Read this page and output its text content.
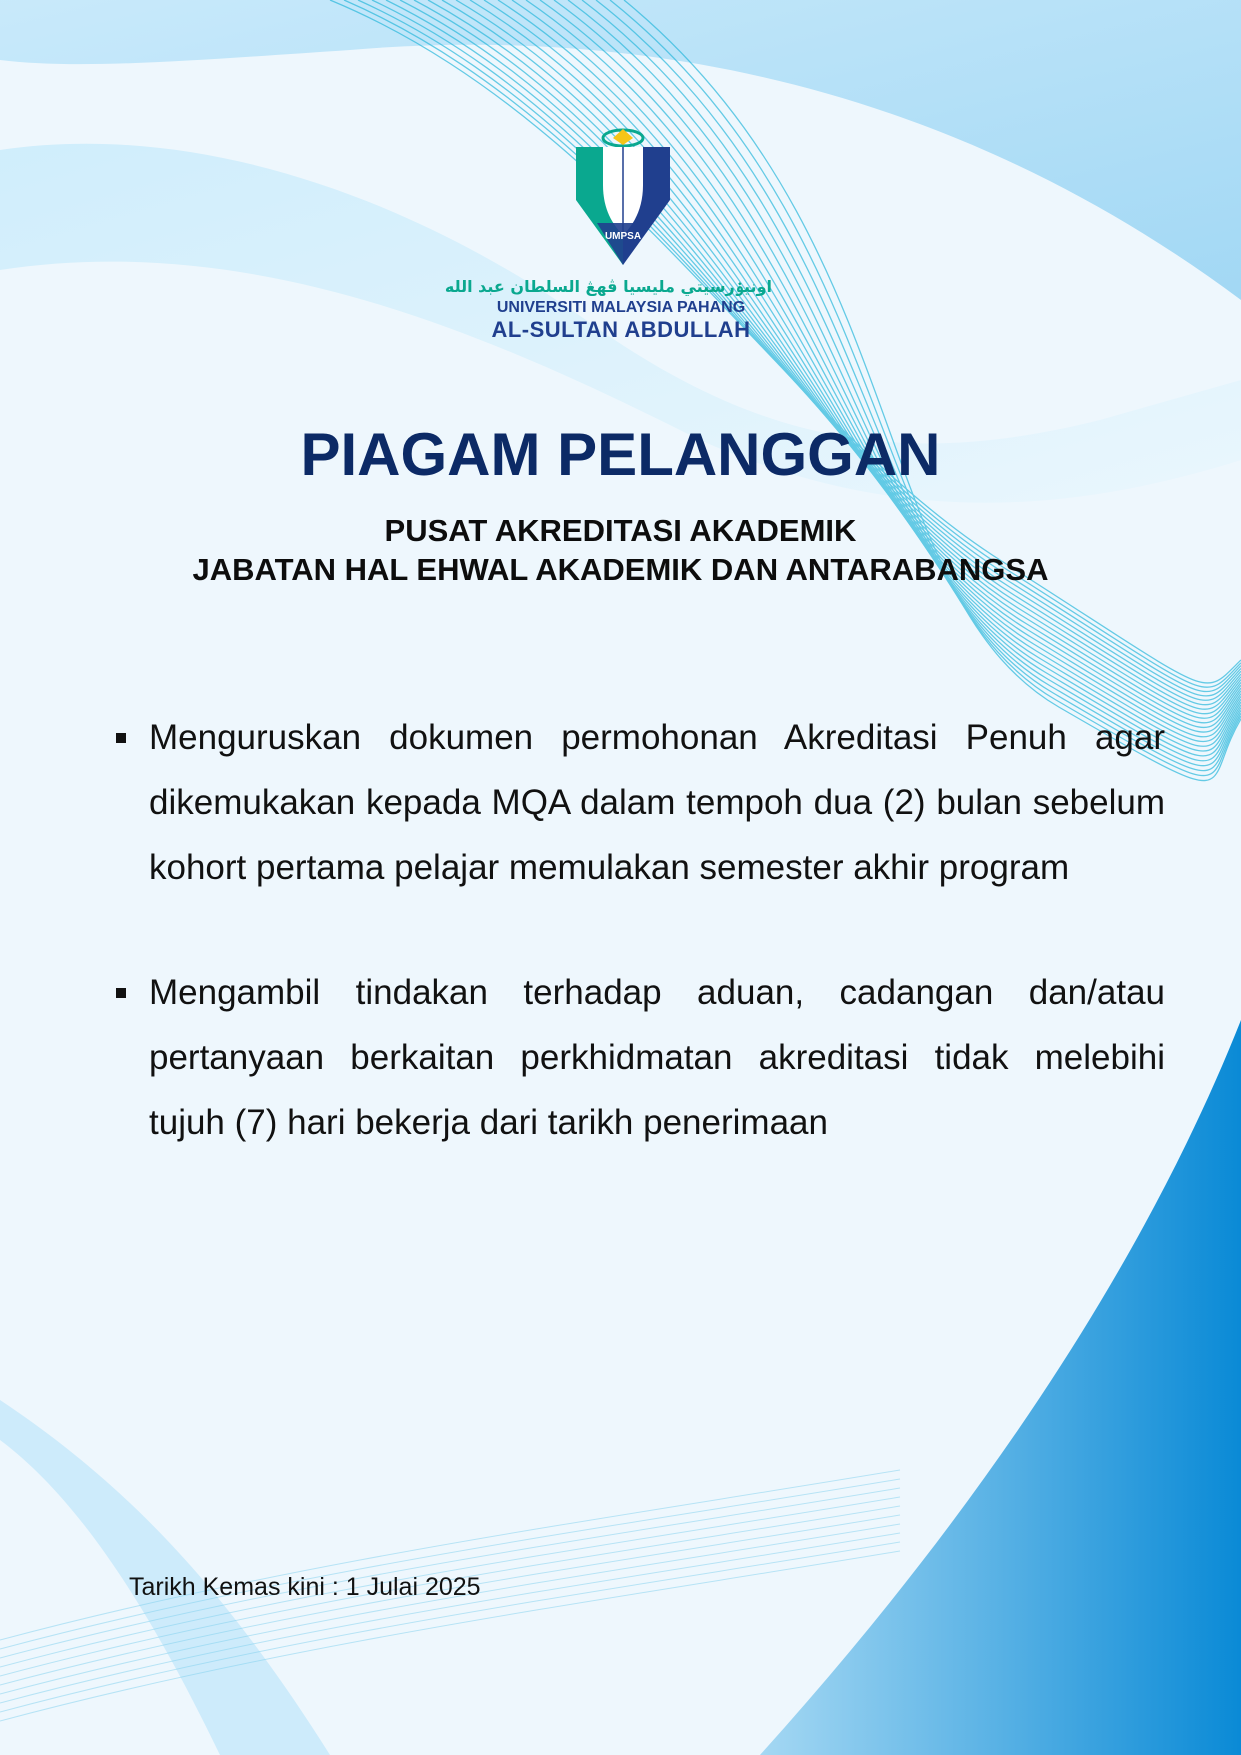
UMPSA
اونيۏرسيتي مليسيا ڤهڠ السلطان عبد الله
UNIVERSITI MALAYSIA PAHANG
AL-SULTAN ABDULLAH
PIAGAM PELANGGAN
PUSAT AKREDITASI AKADEMIK
JABATAN HAL EHWAL AKADEMIK DAN ANTARABANGSA
Menguruskan dokumen permohonan Akreditasi Penuh agar dikemukakan kepada MQA dalam tempoh dua (2) bulan sebelum kohort pertama pelajar memulakan semester akhir program
Mengambil tindakan terhadap aduan, cadangan dan/atau pertanyaan berkaitan perkhidmatan akreditasi tidak melebihi tujuh (7) hari bekerja dari tarikh penerimaan
Tarikh Kemas kini : 1 Julai 2025
